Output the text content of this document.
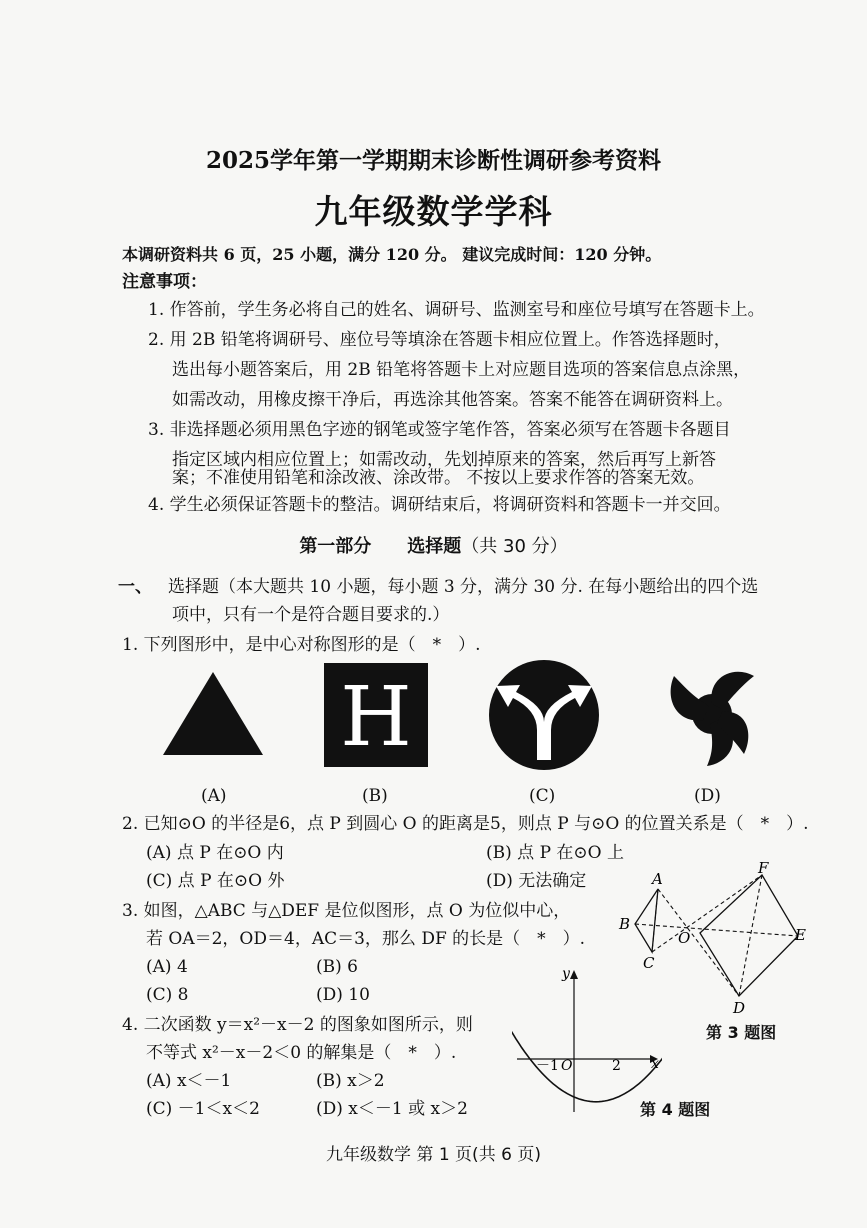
2025学年第一学期期末诊断性调研参考资料
九年级数学学科
本调研资料共 6 页，25 小题，满分 120 分。 建议完成时间：120 分钟。
注意事项：
1. 作答前，学生务必将自己的姓名、调研号、监测室号和座位号填写在答题卡上。
2. 用 2B 铅笔将调研号、座位号等填涂在答题卡相应位置上。作答选择题时，
选出每小题答案后，用 2B 铅笔将答题卡上对应题目选项的答案信息点涂黑，
如需改动，用橡皮擦干净后，再选涂其他答案。答案不能答在调研资料上。
3. 非选择题必须用黑色字迹的钢笔或签字笔作答，答案必须写在答题卡各题目
指定区域内相应位置上；如需改动，先划掉原来的答案，然后再写上新答
案；不准使用铅笔和涂改液、涂改带。 不按以上要求作答的答案无效。
4. 学生必须保证答题卡的整洁。调研结束后，将调研资料和答题卡一并交回。
第一部分　　选择题（共 30 分）
一、 选择题（本大题共 10 小题，每小题 3 分，满分 30 分. 在每小题给出的四个选
项中，只有一个是符合题目要求的.）
1. 下列图形中，是中心对称图形的是（　*　）.
H
(A)	(B)	(C)	(D)
2. 已知⊙O 的半径是6，点 P 到圆心 O 的距离是5，则点 P 与⊙O 的位置关系是（　*　）.
(A) 点 P 在⊙O 内	(B) 点 P 在⊙O 上
(C) 点 P 在⊙O 外	(D) 无法确定
3. 如图，△ABC 与△DEF 是位似图形，点 O 为位似中心，
若 OA＝2，OD＝4，AC＝3，那么 DF 的长是（　*　）.
(A) 4	(B) 6
(C) 8	(D) 10
A
B
C
O
D
E
F
第 3 题图
4. 二次函数 y＝x²－x－2 的图象如图所示，则
不等式 x²－x－2＜0 的解集是（　*　）.
(A) x＜－1	(B) x＞2
(C) －1＜x＜2	(D) x＜－1 或 x＞2
y
x
O
－1	2
第 4 题图
九年级数学 第 1 页(共 6 页)
